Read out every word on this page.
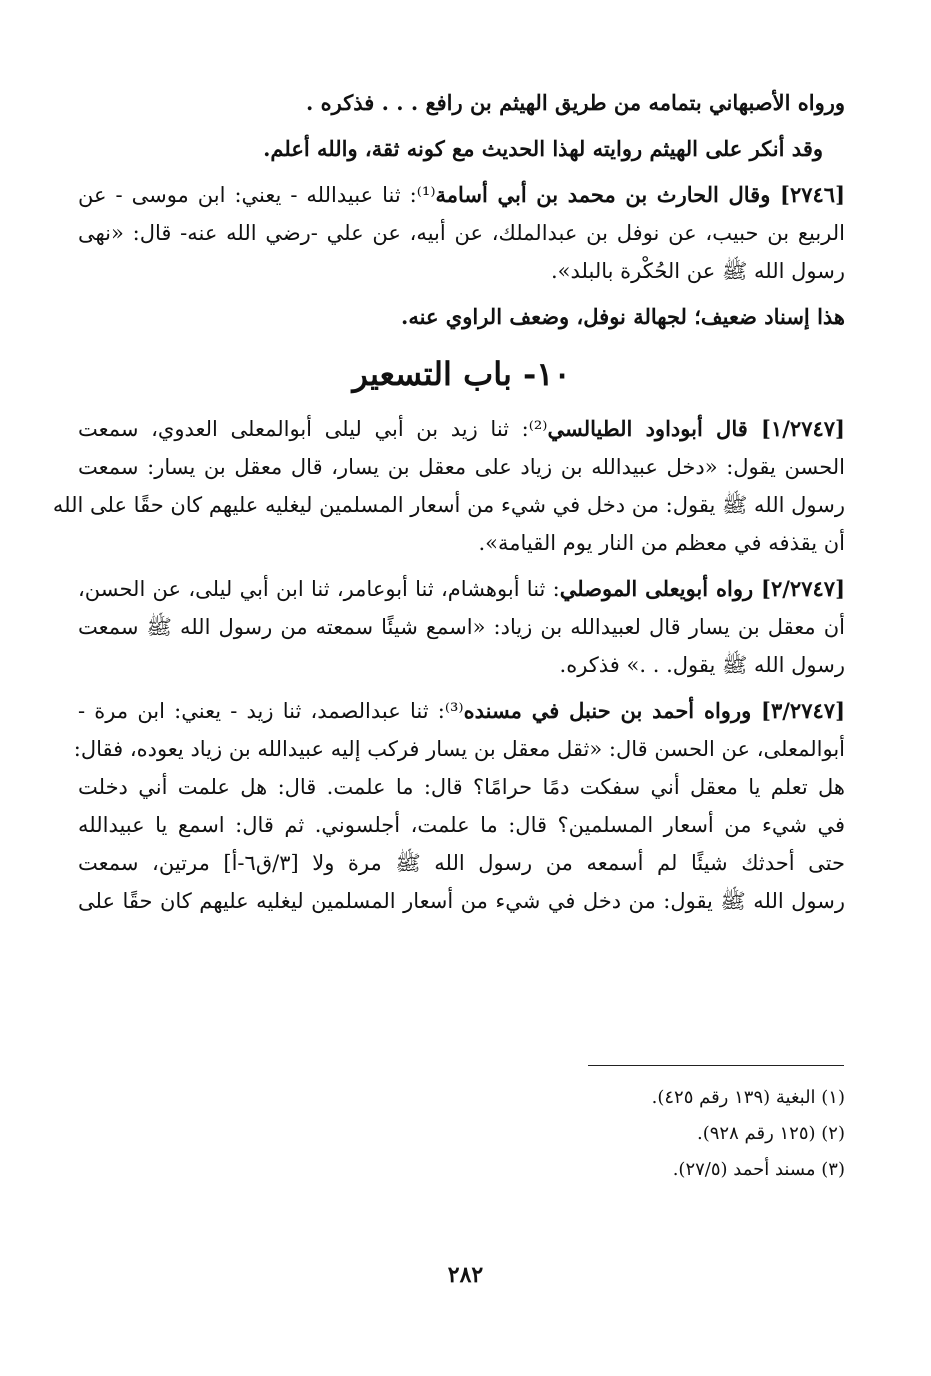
ورواه الأصبهاني بتمامه من طريق الهيثم بن رافع . . . فذكره .

وقد أنكر على الهيثم روايته لهذا الحديث مع كونه ثقة، والله أعلم.

[٢٧٤٦] وقال الحارث بن محمد بن أبي أسامة⁽¹⁾: ثنا عبيدالله - يعني: ابن موسى - عن

الربيع بن حبيب، عن نوفل بن عبدالملك، عن أبيه، عن علي -رضي الله عنه- قال: «نهى

رسول الله ﷺ عن الحُكْرة بالبلد».

هذا إسناد ضعيف؛ لجهالة نوفل، وضعف الراوي عنه.

١٠- باب التسعير

[١/٢٧٤٧] قال أبوداود الطيالسي⁽²⁾: ثنا زيد بن أبي ليلى أبوالمعلى العدوي، سمعت

الحسن يقول: «دخل عبيدالله بن زياد على معقل بن يسار، قال معقل بن يسار: سمعت

رسول الله ﷺ يقول: من دخل في شيء من أسعار المسلمين ليغليه عليهم كان حقًا على الله

أن يقذفه في معظم من النار يوم القيامة».

[٢/٢٧٤٧] رواه أبويعلى الموصلي: ثنا أبوهشام، ثنا أبوعامر، ثنا ابن أبي ليلى، عن الحسن،

أن معقل بن يسار قال لعبيدالله بن زياد: «اسمع شيئًا سمعته من رسول الله ﷺ سمعت

رسول الله ﷺ يقول. . .» فذكره.

[٣/٢٧٤٧] ورواه أحمد بن حنبل في مسنده⁽³⁾: ثنا عبدالصمد، ثنا زيد - يعني: ابن مرة -

أبوالمعلى، عن الحسن قال: «ثقل معقل بن يسار فركب إليه عبيدالله بن زياد يعوده، فقال:

هل تعلم يا معقل أني سفكت دمًا حرامًا؟ قال: ما علمت. قال: هل علمت أني دخلت

في شيء من أسعار المسلمين؟ قال: ما علمت، أجلسوني. ثم قال: اسمع يا عبيدالله

حتى أحدثك شيئًا لم أسمعه من رسول الله ﷺ مرة ولا [٣/ق٦-أ] مرتين، سمعت

رسول الله ﷺ يقول: من دخل في شيء من أسعار المسلمين ليغليه عليهم كان حقًا على

(١) البغية (١٣٩ رقم ٤٢٥).
(٢) (١٢٥ رقم ٩٢٨).
(٣) مسند أحمد (٢٧/٥).
٢٨٢
